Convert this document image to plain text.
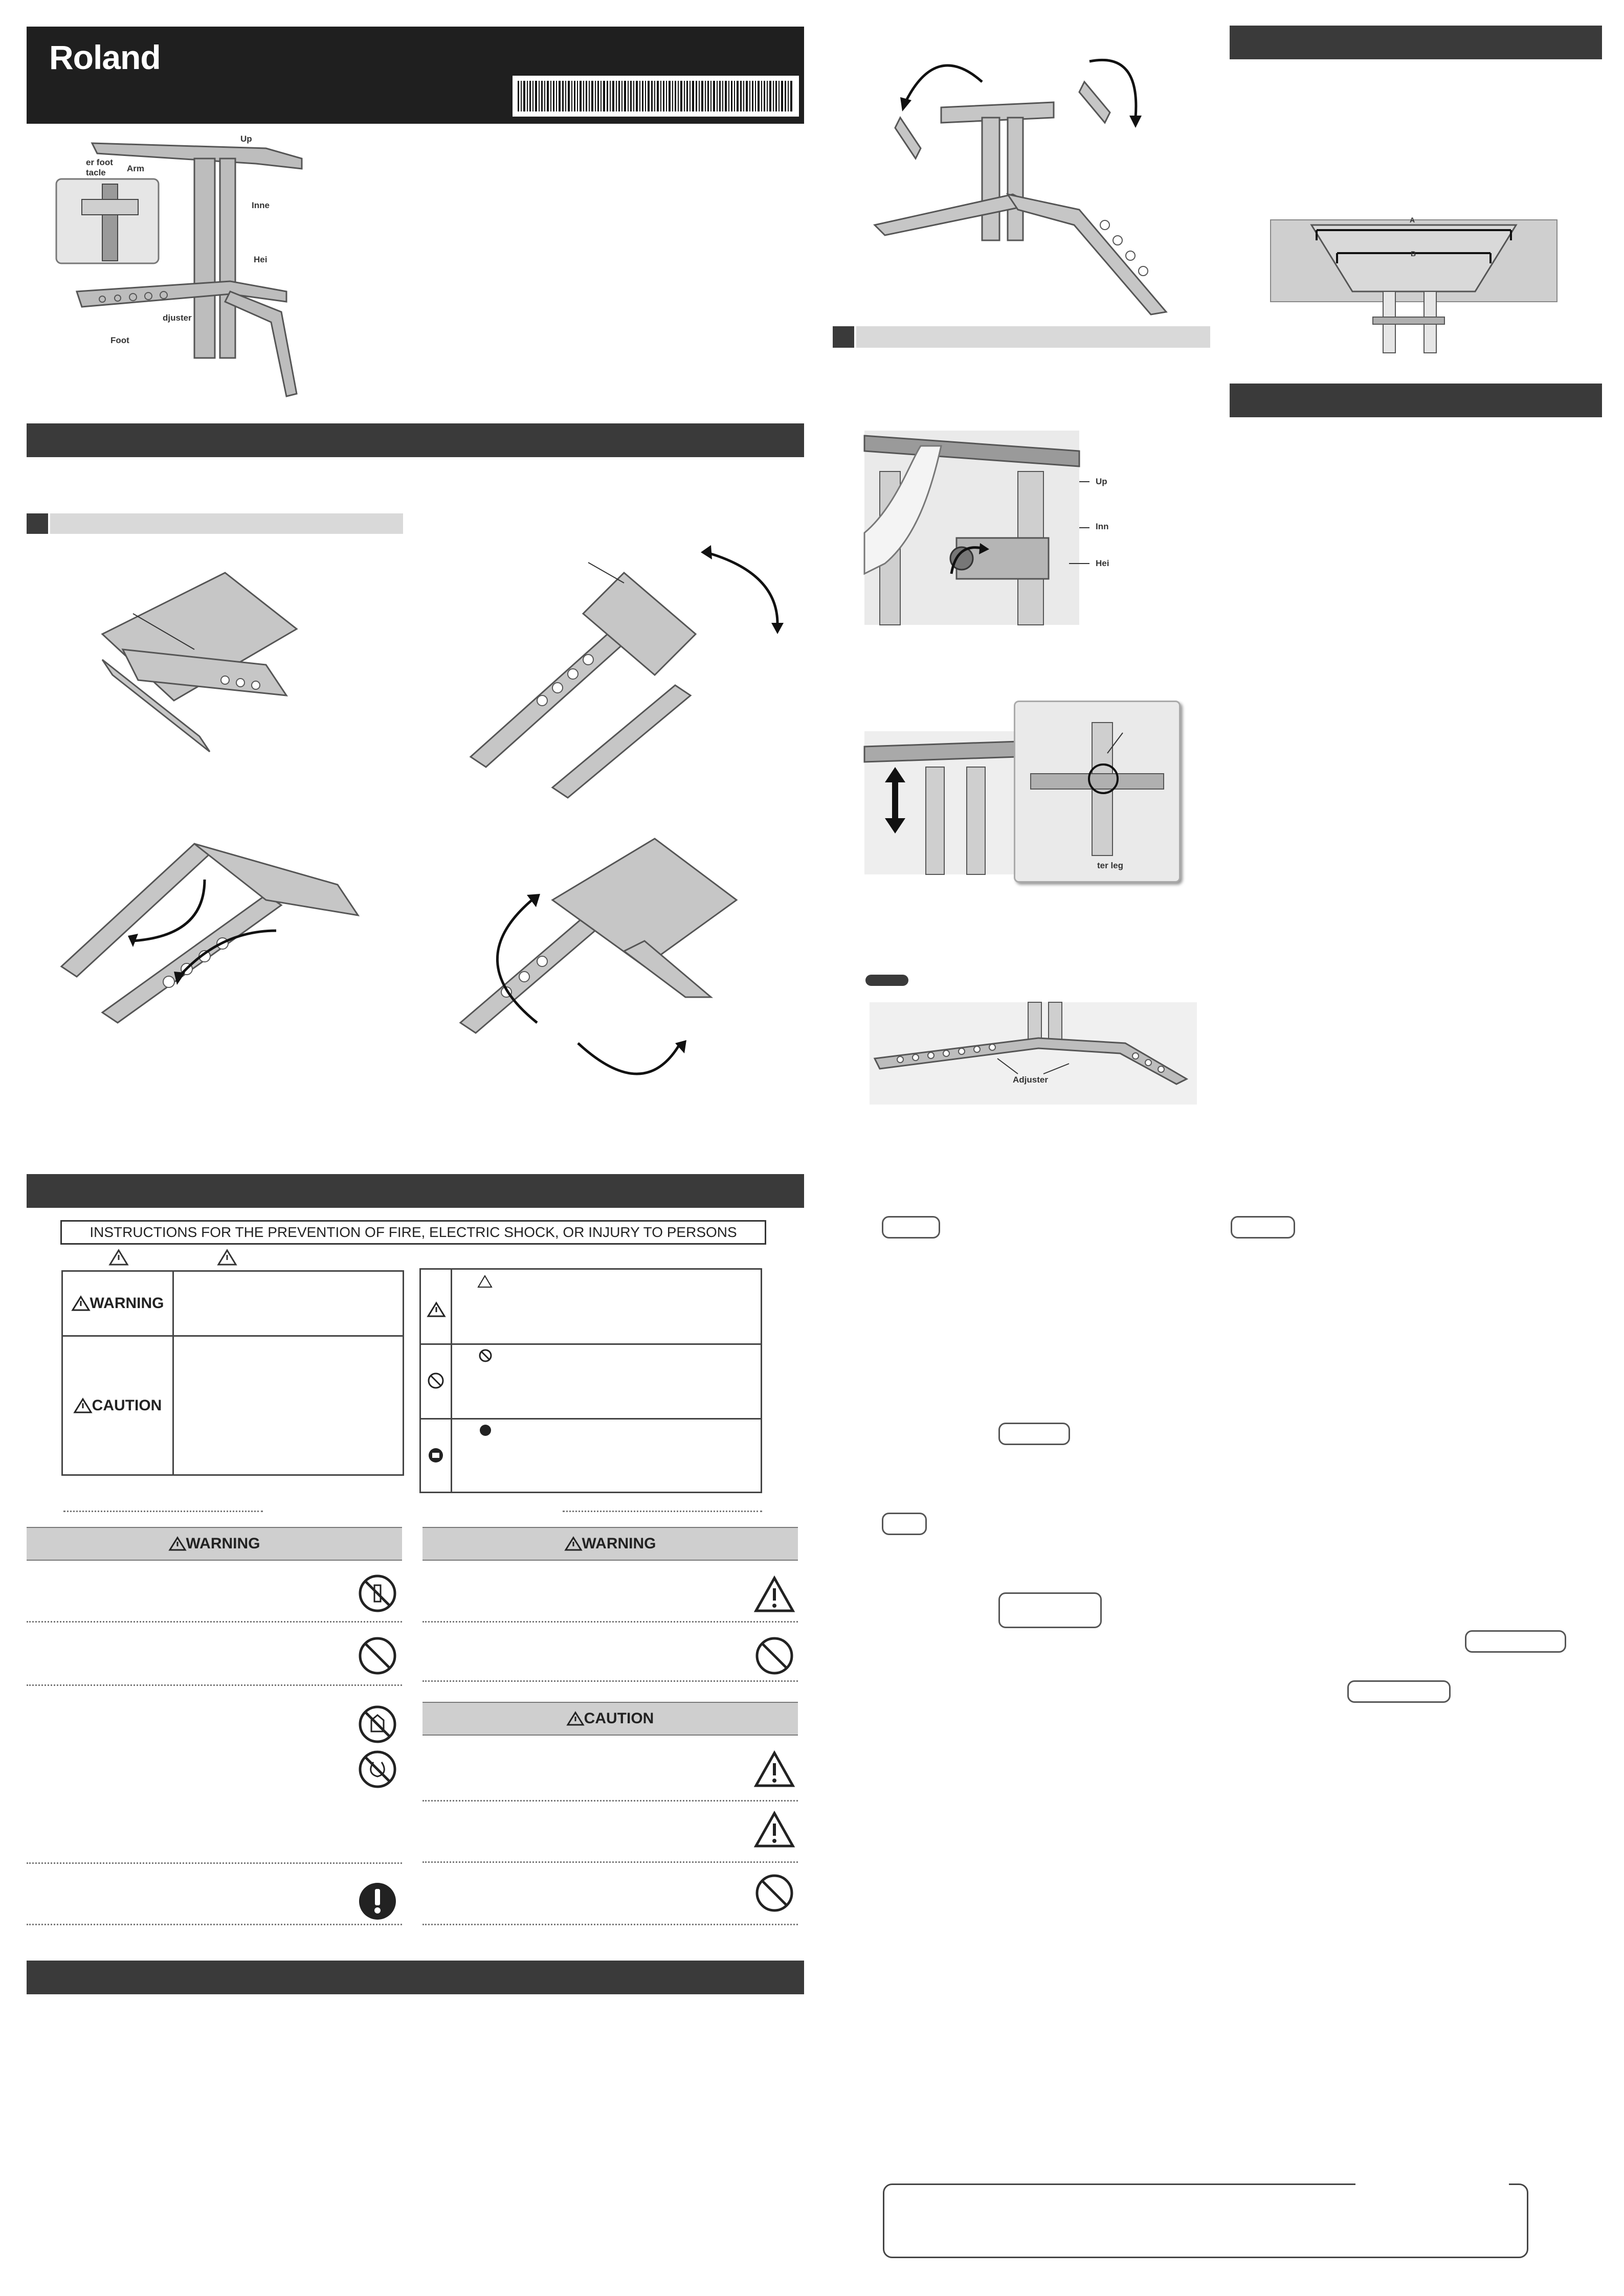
Roland
Up
er foot
tacle	Arm
Inne
Hei
djuster
Foot
INSTRUCTIONS FOR THE PREVENTION OF FIRE, ELECTRIC SHOCK, OR INJURY TO PERSONS
WARNING
CAUTION
WARNING	WARNING
CAUTION
Up
Inn
Hei
ter leg
Adjuster
A
B
